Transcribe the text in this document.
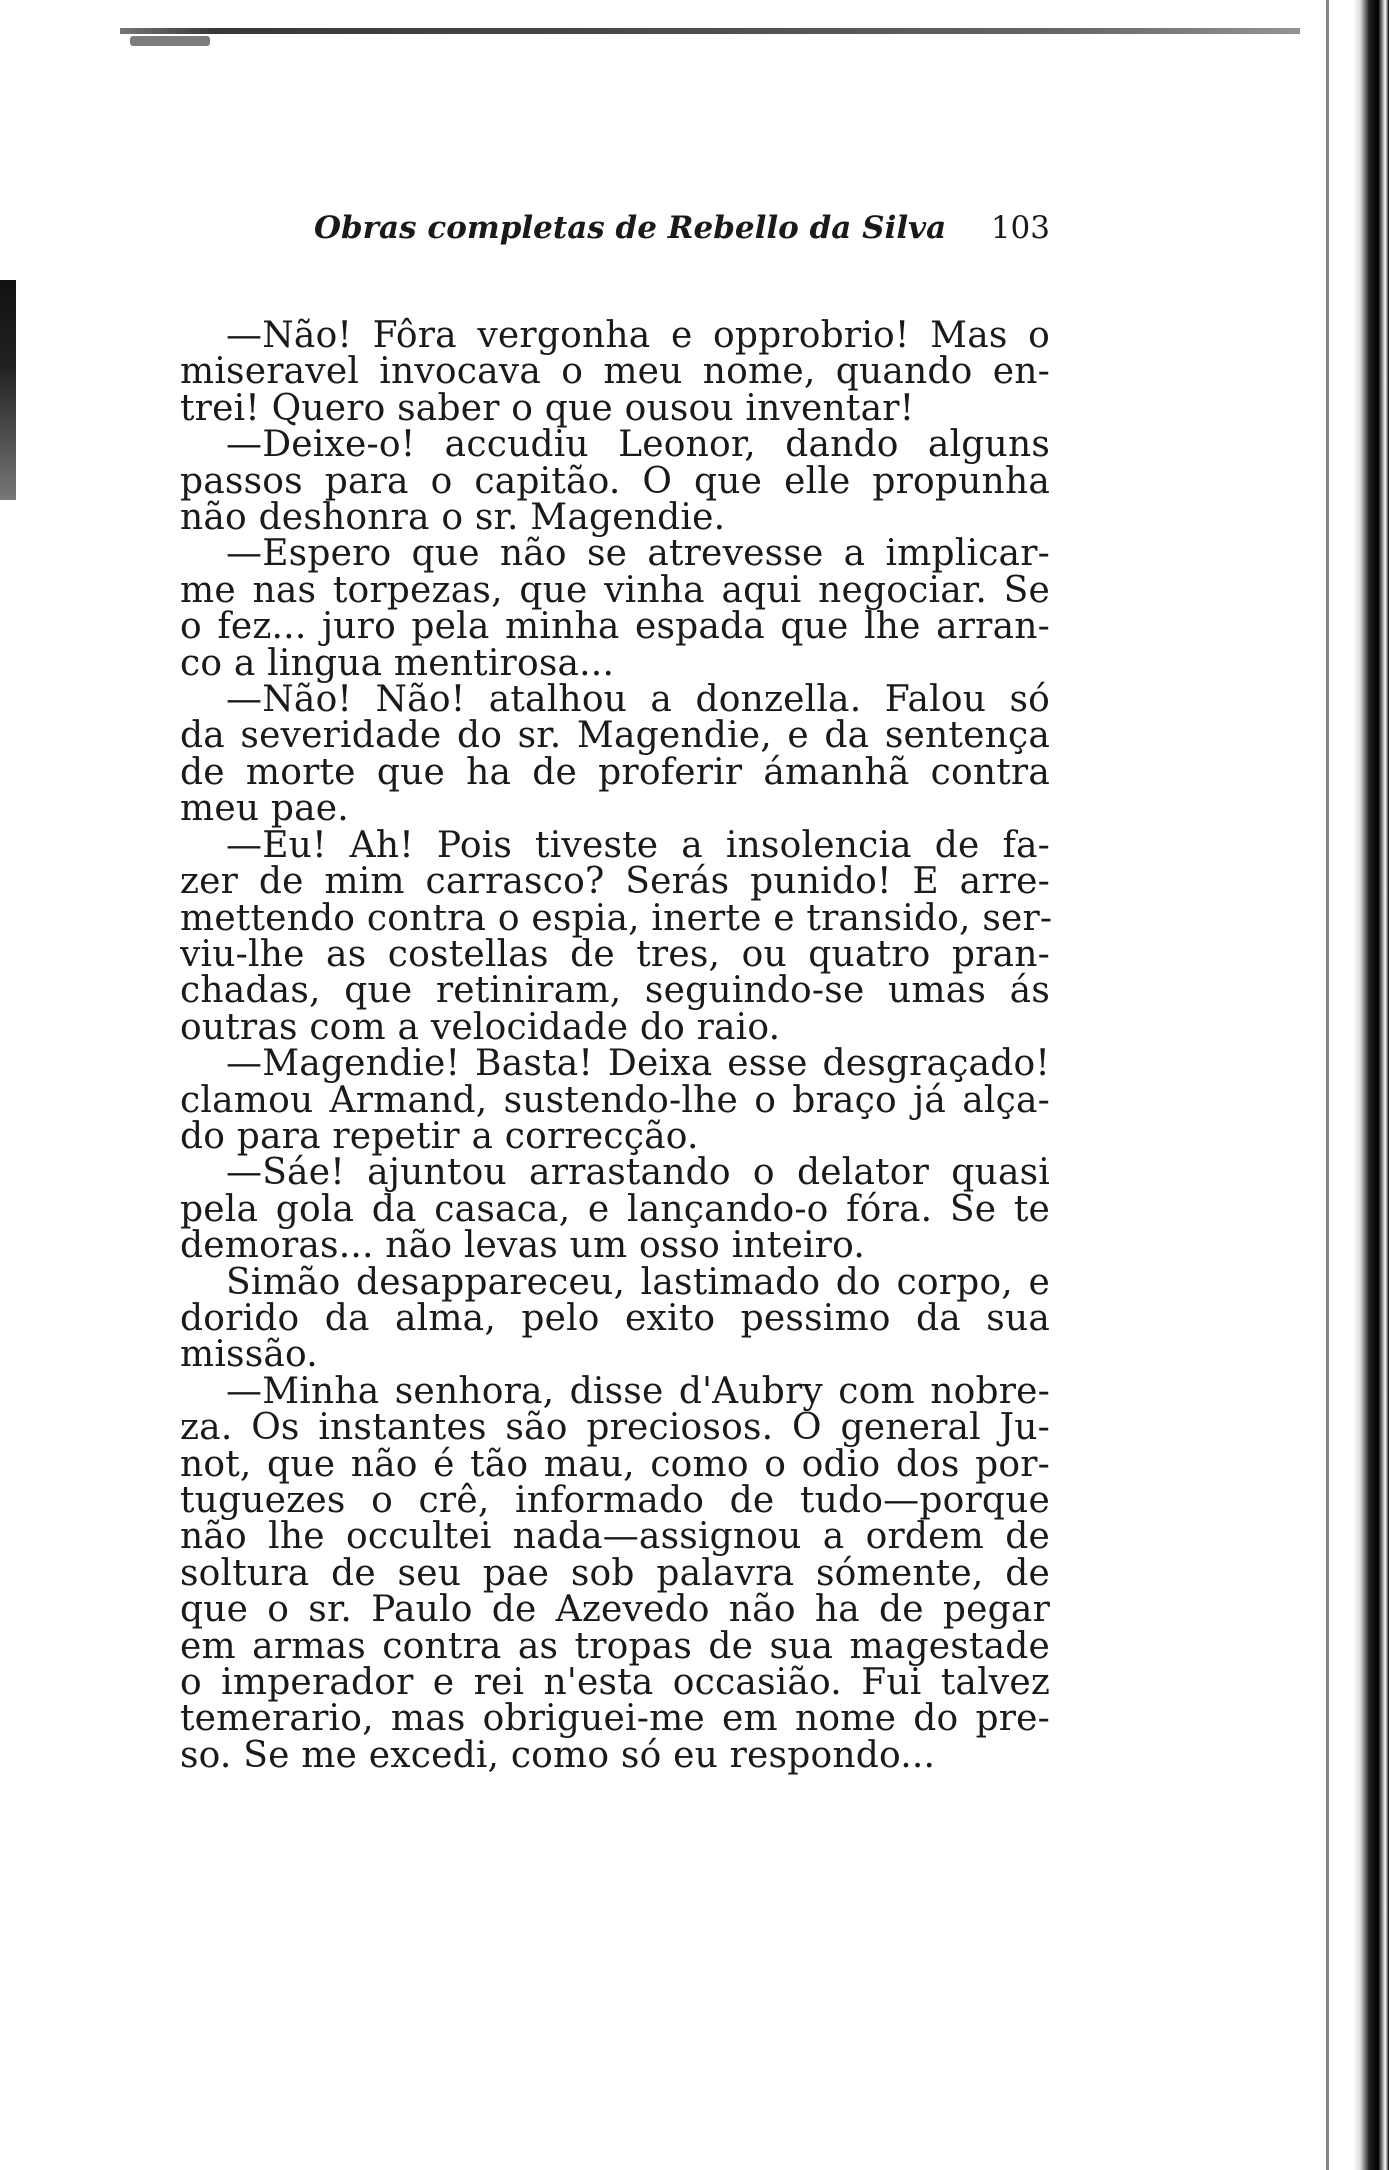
Obras completas de Rebello da Silva 103
—Não! Fôra vergonha e opprobrio! Mas o
miseravel invocava o meu nome, quando en-
trei! Quero saber o que ousou inventar!
—Deixe-o! accudiu Leonor, dando alguns
passos para o capitão. O que elle propunha
não deshonra o sr. Magendie.
—Espero que não se atrevesse a implicar-
me nas torpezas, que vinha aqui negociar. Se
o fez... juro pela minha espada que lhe arran-
co a lingua mentirosa...
—Não! Não! atalhou a donzella. Falou só
da severidade do sr. Magendie, e da sentença
de morte que ha de proferir ámanhã contra
meu pae.
—Eu! Ah! Pois tiveste a insolencia de fa-
zer de mim carrasco? Serás punido! E arre-
mettendo contra o espia, inerte e transido, ser-
viu-lhe as costellas de tres, ou quatro pran-
chadas, que retiniram, seguindo-se umas ás
outras com a velocidade do raio.
—Magendie! Basta! Deixa esse desgraçado!
clamou Armand, sustendo-lhe o braço já alça-
do para repetir a correcção.
—Sáe! ajuntou arrastando o delator quasi
pela gola da casaca, e lançando-o fóra. Se te
demoras... não levas um osso inteiro.
Simão desappareceu, lastimado do corpo, e
dorido da alma, pelo exito pessimo da sua
missão.
—Minha senhora, disse d'Aubry com nobre-
za. Os instantes são preciosos. O general Ju-
not, que não é tão mau, como o odio dos por-
tuguezes o crê, informado de tudo—porque
não lhe occultei nada—assignou a ordem de
soltura de seu pae sob palavra sómente, de
que o sr. Paulo de Azevedo não ha de pegar
em armas contra as tropas de sua magestade
o imperador e rei n'esta occasião. Fui talvez
temerario, mas obriguei-me em nome do pre-
so. Se me excedi, como só eu respondo...
